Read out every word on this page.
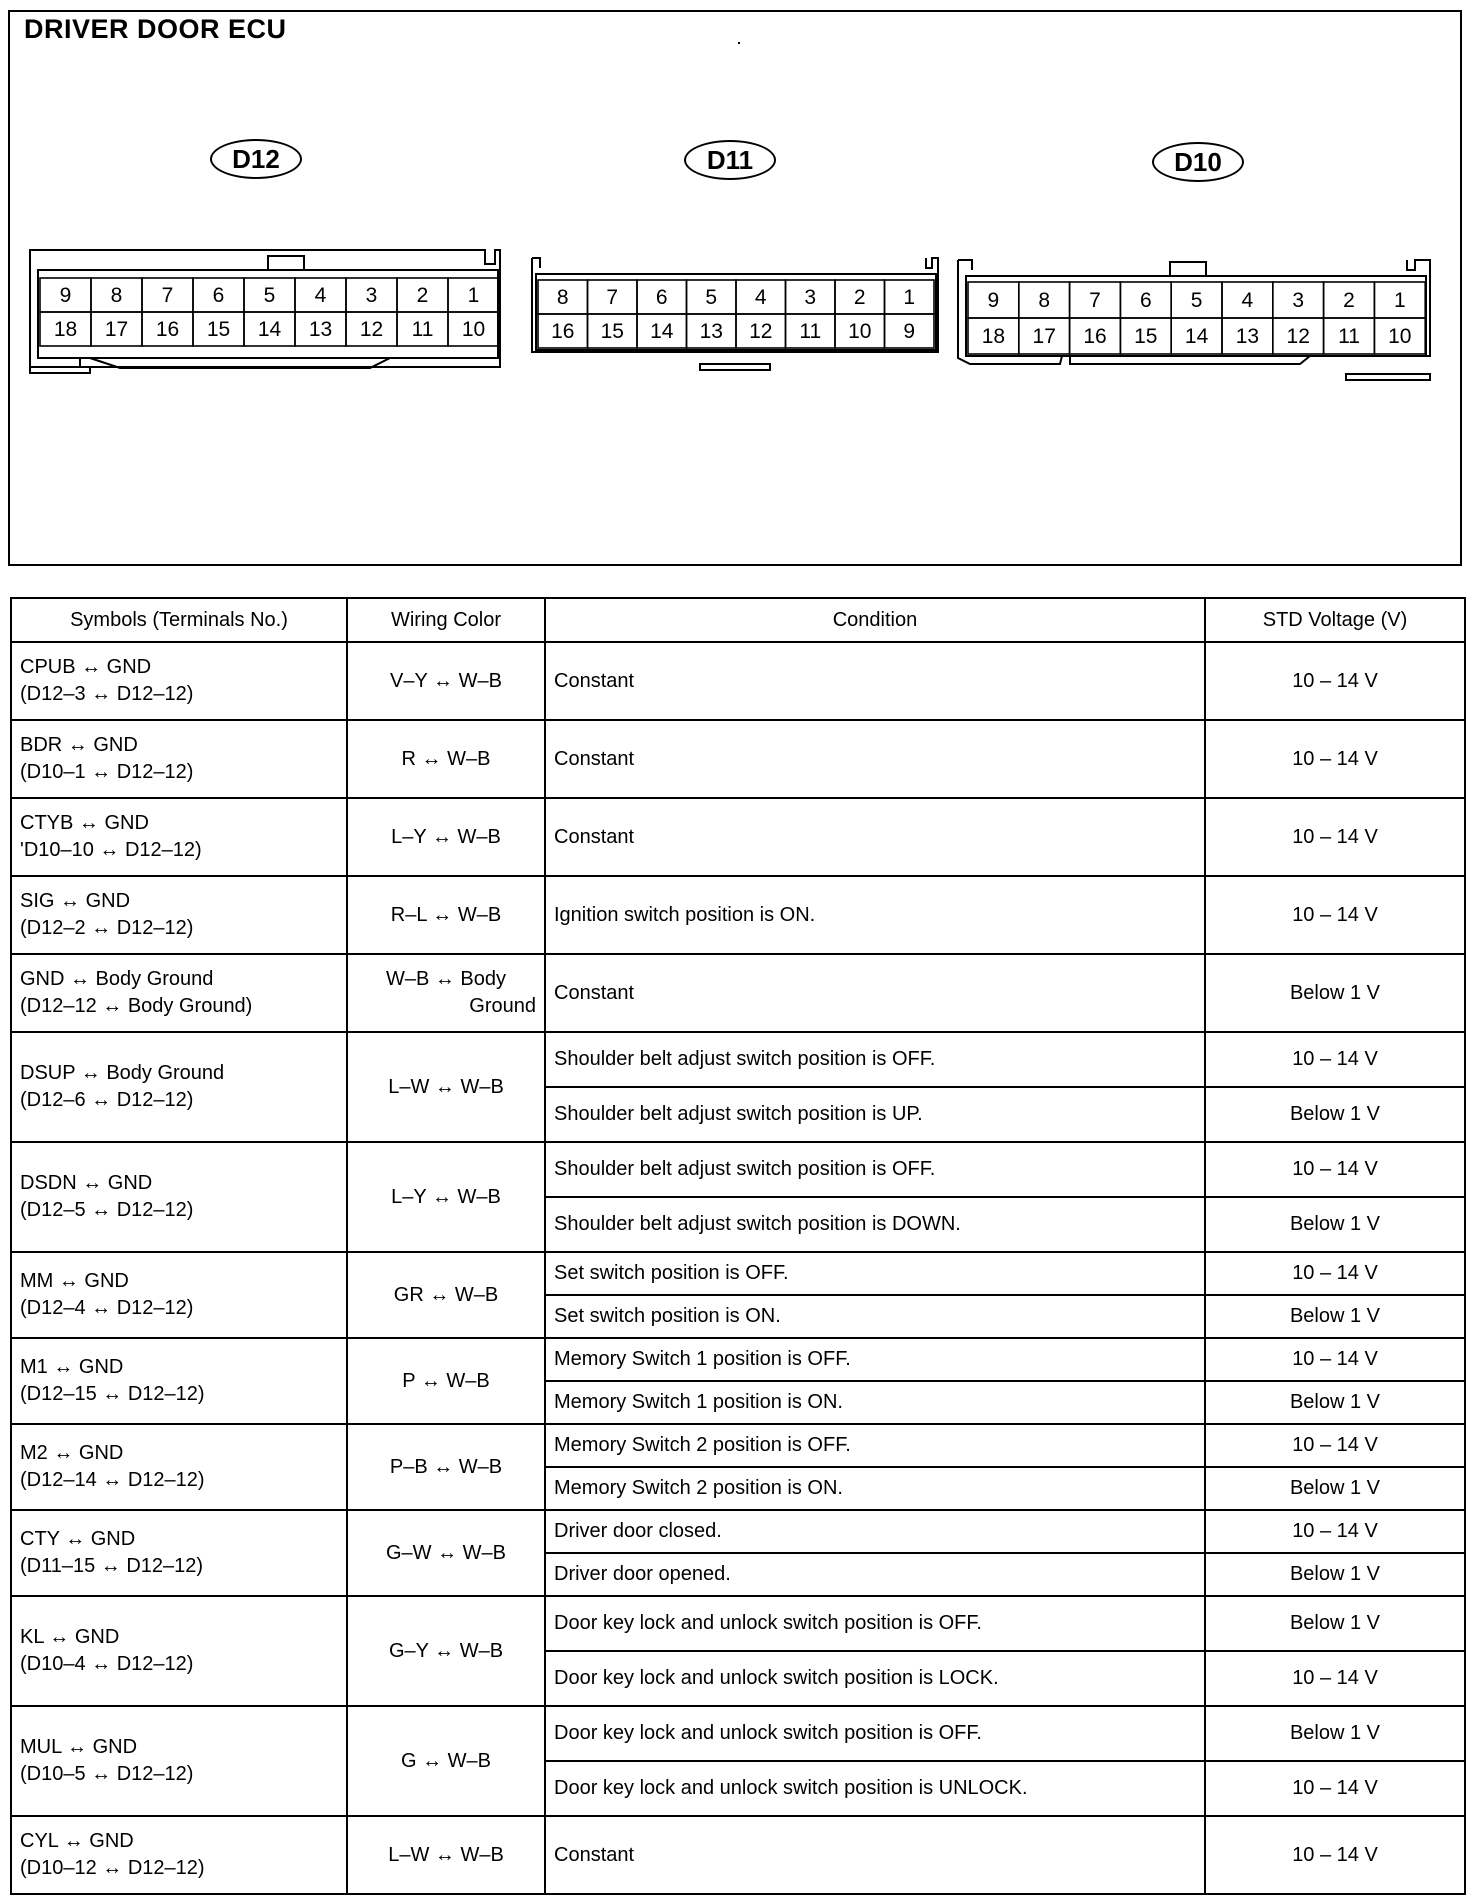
DRIVER DOOR ECU
D12	D11	D10
9 8 7 6 5 4 3 2 1
18 17 16 15 14 13 12 11 10
8 7 6 5 4 3 2 1
16 15 14 13 12 11 10 9
9 8 7 6 5 4 3 2 1
18 17 16 15 14 13 12 11 10
Symbols (Terminals No.)	Wiring Color	Condition	STD Voltage (V)

CPUB ↔ GND
(D12–3 ↔ D12–12)	V–Y ↔ W–B	Constant	10 – 14 V

BDR ↔ GND
(D10–1 ↔ D12–12)	R ↔ W–B	Constant	10 – 14 V

CTYB ↔ GND
'D10–10 ↔ D12–12)	L–Y ↔ W–B	Constant	10 – 14 V

SIG ↔ GND
(D12–2 ↔ D12–12)	R–L ↔ W–B	Ignition switch position is ON.	10 – 14 V

GND ↔ Body Ground
(D12–12 ↔ Body Ground)	W–B ↔ Body
Ground	Constant	Below 1 V

DSUP ↔ Body Ground
(D12–6 ↔ D12–12)	L–W ↔ W–B	Shoulder belt adjust switch position is OFF.	10 – 14 V
		Shoulder belt adjust switch position is UP.	Below 1 V

DSDN ↔ GND
(D12–5 ↔ D12–12)	L–Y ↔ W–B	Shoulder belt adjust switch position is OFF.	10 – 14 V
		Shoulder belt adjust switch position is DOWN.	Below 1 V

MM ↔ GND
(D12–4 ↔ D12–12)	GR ↔ W–B	Set switch position is OFF.	10 – 14 V
		Set switch position is ON.	Below 1 V

M1 ↔ GND
(D12–15 ↔ D12–12)	P ↔ W–B	Memory Switch 1 position is OFF.	10 – 14 V
		Memory Switch 1 position is ON.	Below 1 V

M2 ↔ GND
(D12–14 ↔ D12–12)	P–B ↔ W–B	Memory Switch 2 position is OFF.	10 – 14 V
		Memory Switch 2 position is ON.	Below 1 V

CTY ↔ GND
(D11–15 ↔ D12–12)	G–W ↔ W–B	Driver door closed.	10 – 14 V
		Driver door opened.	Below 1 V

KL ↔ GND
(D10–4 ↔ D12–12)	G–Y ↔ W–B	Door key lock and unlock switch position is OFF.	Below 1 V
		Door key lock and unlock switch position is LOCK.	10 – 14 V

MUL ↔ GND
(D10–5 ↔ D12–12)	G ↔ W–B	Door key lock and unlock switch position is OFF.	Below 1 V
		Door key lock and unlock switch position is UNLOCK.	10 – 14 V

CYL ↔ GND
(D10–12 ↔ D12–12)	L–W ↔ W–B	Constant	10 – 14 V
